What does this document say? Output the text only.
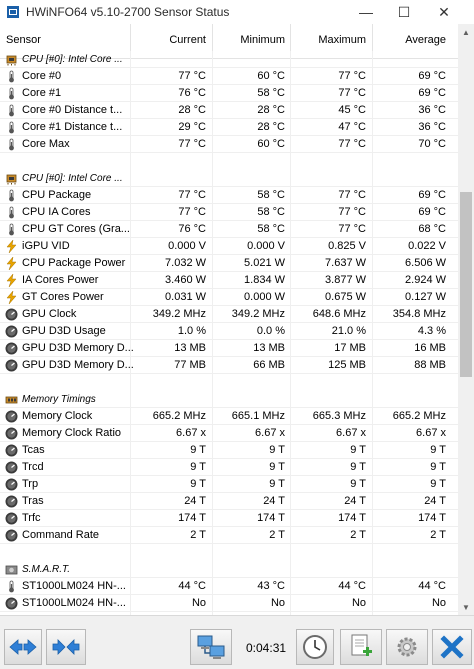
HWiNFO64 v5.10-2700 Sensor Status	—	☐	✕
Sensor	Current	Minimum	Maximum	Average
CPU [#0]: Intel Core ...
Core #0	77 °C	60 °C	77 °C	69 °C
Core #1	76 °C	58 °C	77 °C	69 °C
Core #0 Distance t...	28 °C	28 °C	45 °C	36 °C
Core #1 Distance t...	29 °C	28 °C	47 °C	36 °C
Core Max	77 °C	60 °C	77 °C	70 °C
CPU [#0]: Intel Core ...
CPU Package	77 °C	58 °C	77 °C	69 °C
CPU IA Cores	77 °C	58 °C	77 °C	69 °C
CPU GT Cores (Gra...	76 °C	58 °C	77 °C	68 °C
iGPU VID	0.000 V	0.000 V	0.825 V	0.022 V
CPU Package Power	7.032 W	5.021 W	7.637 W	6.506 W
IA Cores Power	3.460 W	1.834 W	3.877 W	2.924 W
GT Cores Power	0.031 W	0.000 W	0.675 W	0.127 W
GPU Clock	349.2 MHz	349.2 MHz	648.6 MHz	354.8 MHz
GPU D3D Usage	1.0 %	0.0 %	21.0 %	4.3 %
GPU D3D Memory D...	13 MB	13 MB	17 MB	16 MB
GPU D3D Memory D...	77 MB	66 MB	125 MB	88 MB
Memory Timings
Memory Clock	665.2 MHz	665.1 MHz	665.3 MHz	665.2 MHz
Memory Clock Ratio	6.67 x	6.67 x	6.67 x	6.67 x
Tcas	9 T	9 T	9 T	9 T
Trcd	9 T	9 T	9 T	9 T
Trp	9 T	9 T	9 T	9 T
Tras	24 T	24 T	24 T	24 T
Trfc	174 T	174 T	174 T	174 T
Command Rate	2 T	2 T	2 T	2 T
S.M.A.R.T.
ST1000LM024 HN-...	44 °C	43 °C	44 °C	44 °C
ST1000LM024 HN-...	No	No	No	No
▲
▼
0:04:31
